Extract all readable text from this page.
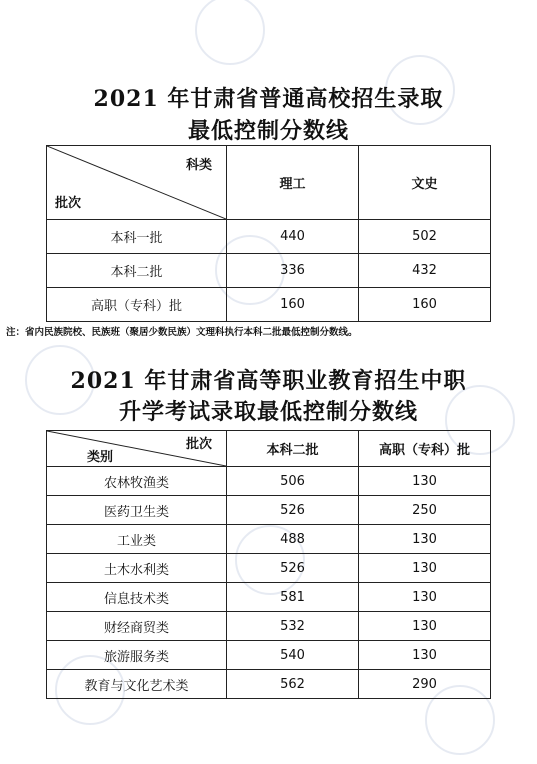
2021 年甘肃省普通高校招生录取
最低控制分数线
科类
批次	理工	文史
本科一批	440	502
本科二批	336	432
高职（专科）批	160	160
注：省内民族院校、民族班（聚居少数民族）文理科执行本科二批最低控制分数线。
2021 年甘肃省高等职业教育招生中职
升学考试录取最低控制分数线
批次
类别	本科二批	高职（专科）批
农林牧渔类	506	130
医药卫生类	526	250
工业类	488	130
土木水利类	526	130
信息技术类	581	130
财经商贸类	532	130
旅游服务类	540	130
教育与文化艺术类	562	290
